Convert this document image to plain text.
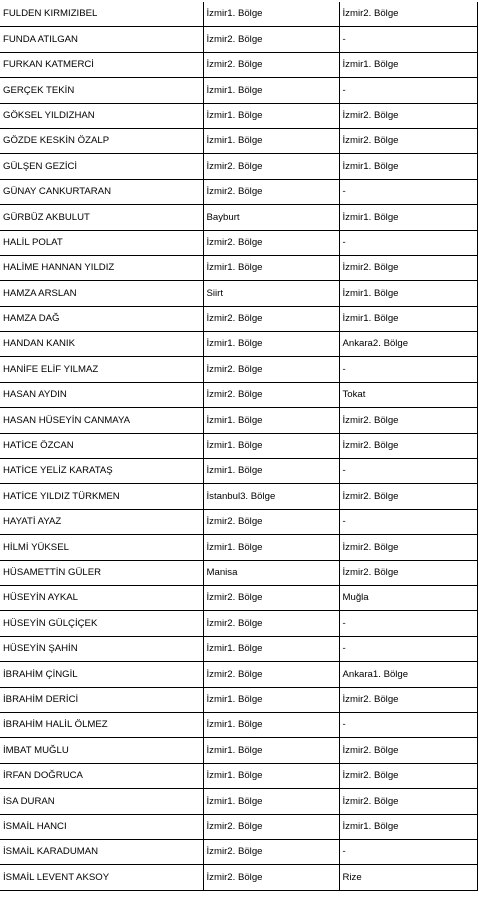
FULDEN KIRMIZIBEL	İzmir1. Bölge	İzmir2. Bölge
FUNDA ATILGAN	İzmir2. Bölge	-
FURKAN KATMERCİ	İzmir2. Bölge	İzmir1. Bölge
GERÇEK TEKİN	İzmir1. Bölge	-
GÖKSEL YILDIZHAN	İzmir1. Bölge	İzmir2. Bölge
GÖZDE KESKİN ÖZALP	İzmir1. Bölge	İzmir2. Bölge
GÜLŞEN GEZİCİ	İzmir2. Bölge	İzmir1. Bölge
GÜNAY CANKURTARAN	İzmir2. Bölge	-
GÜRBÜZ AKBULUT	Bayburt	İzmir1. Bölge
HALİL POLAT	İzmir2. Bölge	-
HALİME HANNAN YILDIZ	İzmir1. Bölge	İzmir2. Bölge
HAMZA ARSLAN	Siirt	İzmir1. Bölge
HAMZA DAĞ	İzmir2. Bölge	İzmir1. Bölge
HANDAN KANIK	İzmir1. Bölge	Ankara2. Bölge
HANİFE ELİF YILMAZ	İzmir2. Bölge	-
HASAN AYDIN	İzmir2. Bölge	Tokat
HASAN HÜSEYİN CANMAYA	İzmir1. Bölge	İzmir2. Bölge
HATİCE ÖZCAN	İzmir1. Bölge	İzmir2. Bölge
HATİCE YELİZ KARATAŞ	İzmir1. Bölge	-
HATİCE YILDIZ TÜRKMEN	İstanbul3. Bölge	İzmir2. Bölge
HAYATİ AYAZ	İzmir2. Bölge	-
HİLMİ YÜKSEL	İzmir1. Bölge	İzmir2. Bölge
HÜSAMETTİN GÜLER	Manisa	İzmir2. Bölge
HÜSEYİN AYKAL	İzmir2. Bölge	Muğla
HÜSEYİN GÜLÇİÇEK	İzmir2. Bölge	-
HÜSEYİN ŞAHİN	İzmir1. Bölge	-
İBRAHİM ÇİNGİL	İzmir2. Bölge	Ankara1. Bölge
İBRAHİM DERİCİ	İzmir1. Bölge	İzmir2. Bölge
İBRAHİM HALİL ÖLMEZ	İzmir1. Bölge	-
İMBAT MUĞLU	İzmir1. Bölge	İzmir2. Bölge
İRFAN DOĞRUCA	İzmir1. Bölge	İzmir2. Bölge
İSA DURAN	İzmir1. Bölge	İzmir2. Bölge
İSMAİL HANCI	İzmir2. Bölge	İzmir1. Bölge
İSMAİL KARADUMAN	İzmir2. Bölge	-
İSMAİL LEVENT AKSOY	İzmir2. Bölge	Rize
